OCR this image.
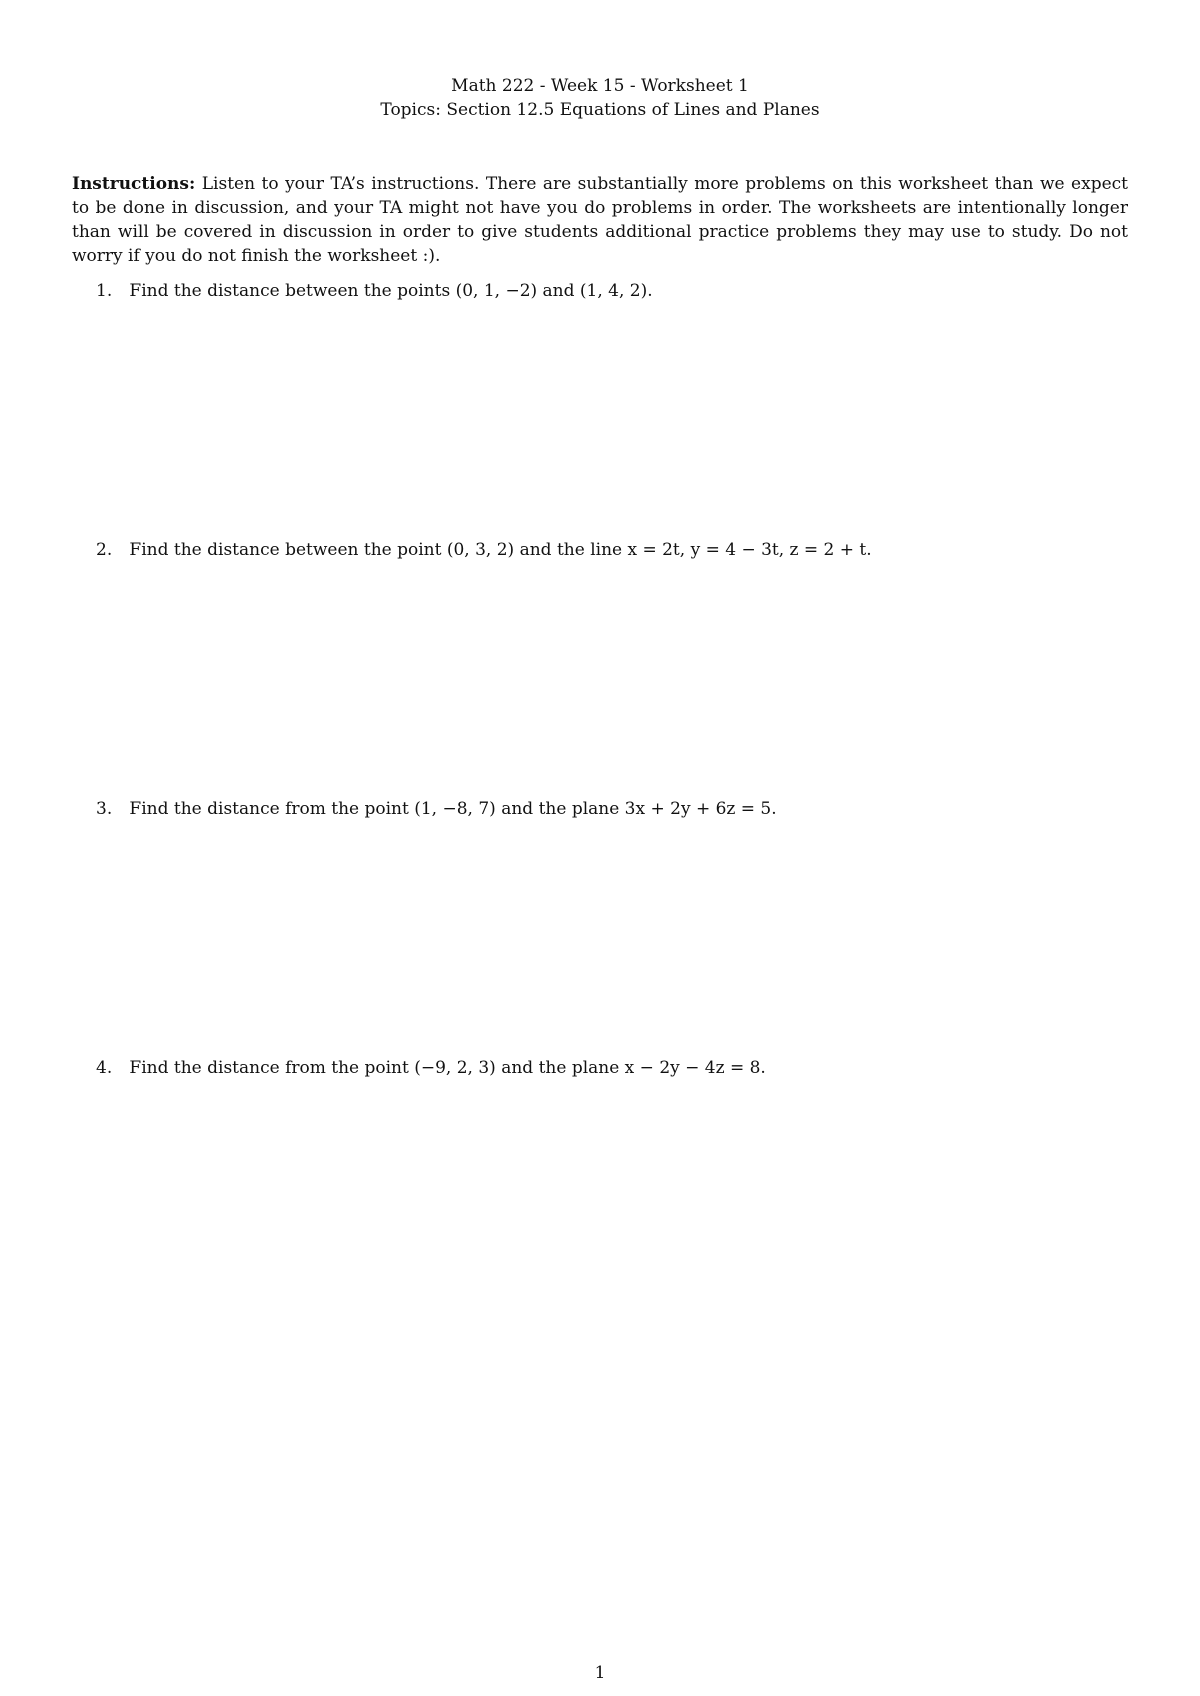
Math 222 - Week 15 - Worksheet 1
Topics: Section 12.5 Equations of Lines and Planes
Instructions: Listen to your TA’s instructions. There are substantially more problems on this worksheet than we expect to be done in discussion, and your TA might not have you do problems in order. The worksheets are intentionally longer than will be covered in discussion in order to give students additional practice problems they may use to study. Do not worry if you do not finish the worksheet :).
1. Find the distance between the points (0, 1, −2) and (1, 4, 2).
2. Find the distance between the point (0, 3, 2) and the line x = 2t, y = 4 − 3t, z = 2 + t.
3. Find the distance from the point (1, −8, 7) and the plane 3x + 2y + 6z = 5.
4. Find the distance from the point (−9, 2, 3) and the plane x − 2y − 4z = 8.
1
